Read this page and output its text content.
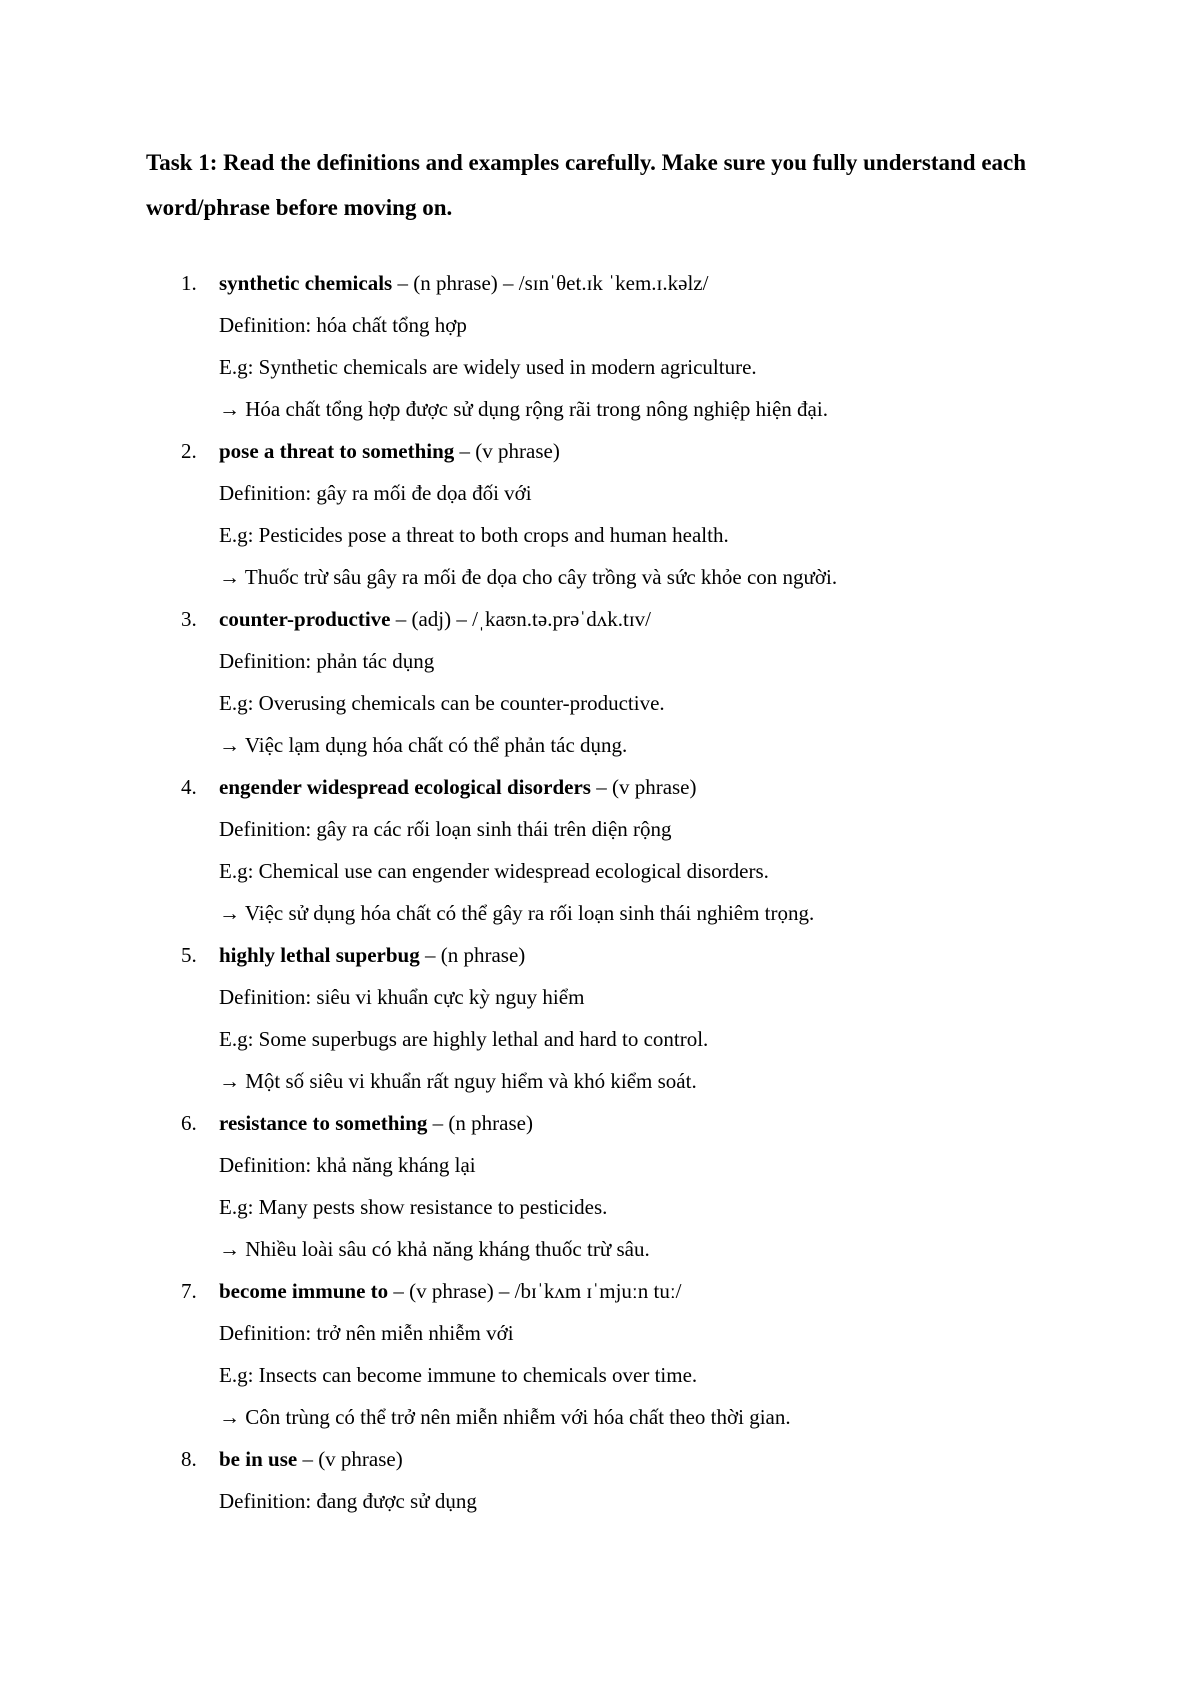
Task 1: Read the definitions and examples carefully. Make sure you fully understand each word/phrase before moving on.

1. synthetic chemicals – (n phrase) – /sɪnˈθet.ɪk ˈkem.ɪ.kəlz/
Definition: hóa chất tổng hợp
E.g: Synthetic chemicals are widely used in modern agriculture.
→ Hóa chất tổng hợp được sử dụng rộng rãi trong nông nghiệp hiện đại.
2. pose a threat to something – (v phrase)
Definition: gây ra mối đe dọa đối với
E.g: Pesticides pose a threat to both crops and human health.
→ Thuốc trừ sâu gây ra mối đe dọa cho cây trồng và sức khỏe con người.
3. counter-productive – (adj) – /ˌkaʊn.tə.prəˈdʌk.tɪv/
Definition: phản tác dụng
E.g: Overusing chemicals can be counter-productive.
→ Việc lạm dụng hóa chất có thể phản tác dụng.
4. engender widespread ecological disorders – (v phrase)
Definition: gây ra các rối loạn sinh thái trên diện rộng
E.g: Chemical use can engender widespread ecological disorders.
→ Việc sử dụng hóa chất có thể gây ra rối loạn sinh thái nghiêm trọng.
5. highly lethal superbug – (n phrase)
Definition: siêu vi khuẩn cực kỳ nguy hiểm
E.g: Some superbugs are highly lethal and hard to control.
→ Một số siêu vi khuẩn rất nguy hiểm và khó kiểm soát.
6. resistance to something – (n phrase)
Definition: khả năng kháng lại
E.g: Many pests show resistance to pesticides.
→ Nhiều loài sâu có khả năng kháng thuốc trừ sâu.
7. become immune to – (v phrase) – /bɪˈkʌm ɪˈmjuːn tuː/
Definition: trở nên miễn nhiễm với
E.g: Insects can become immune to chemicals over time.
→ Côn trùng có thể trở nên miễn nhiễm với hóa chất theo thời gian.
8. be in use – (v phrase)
Definition: đang được sử dụng
